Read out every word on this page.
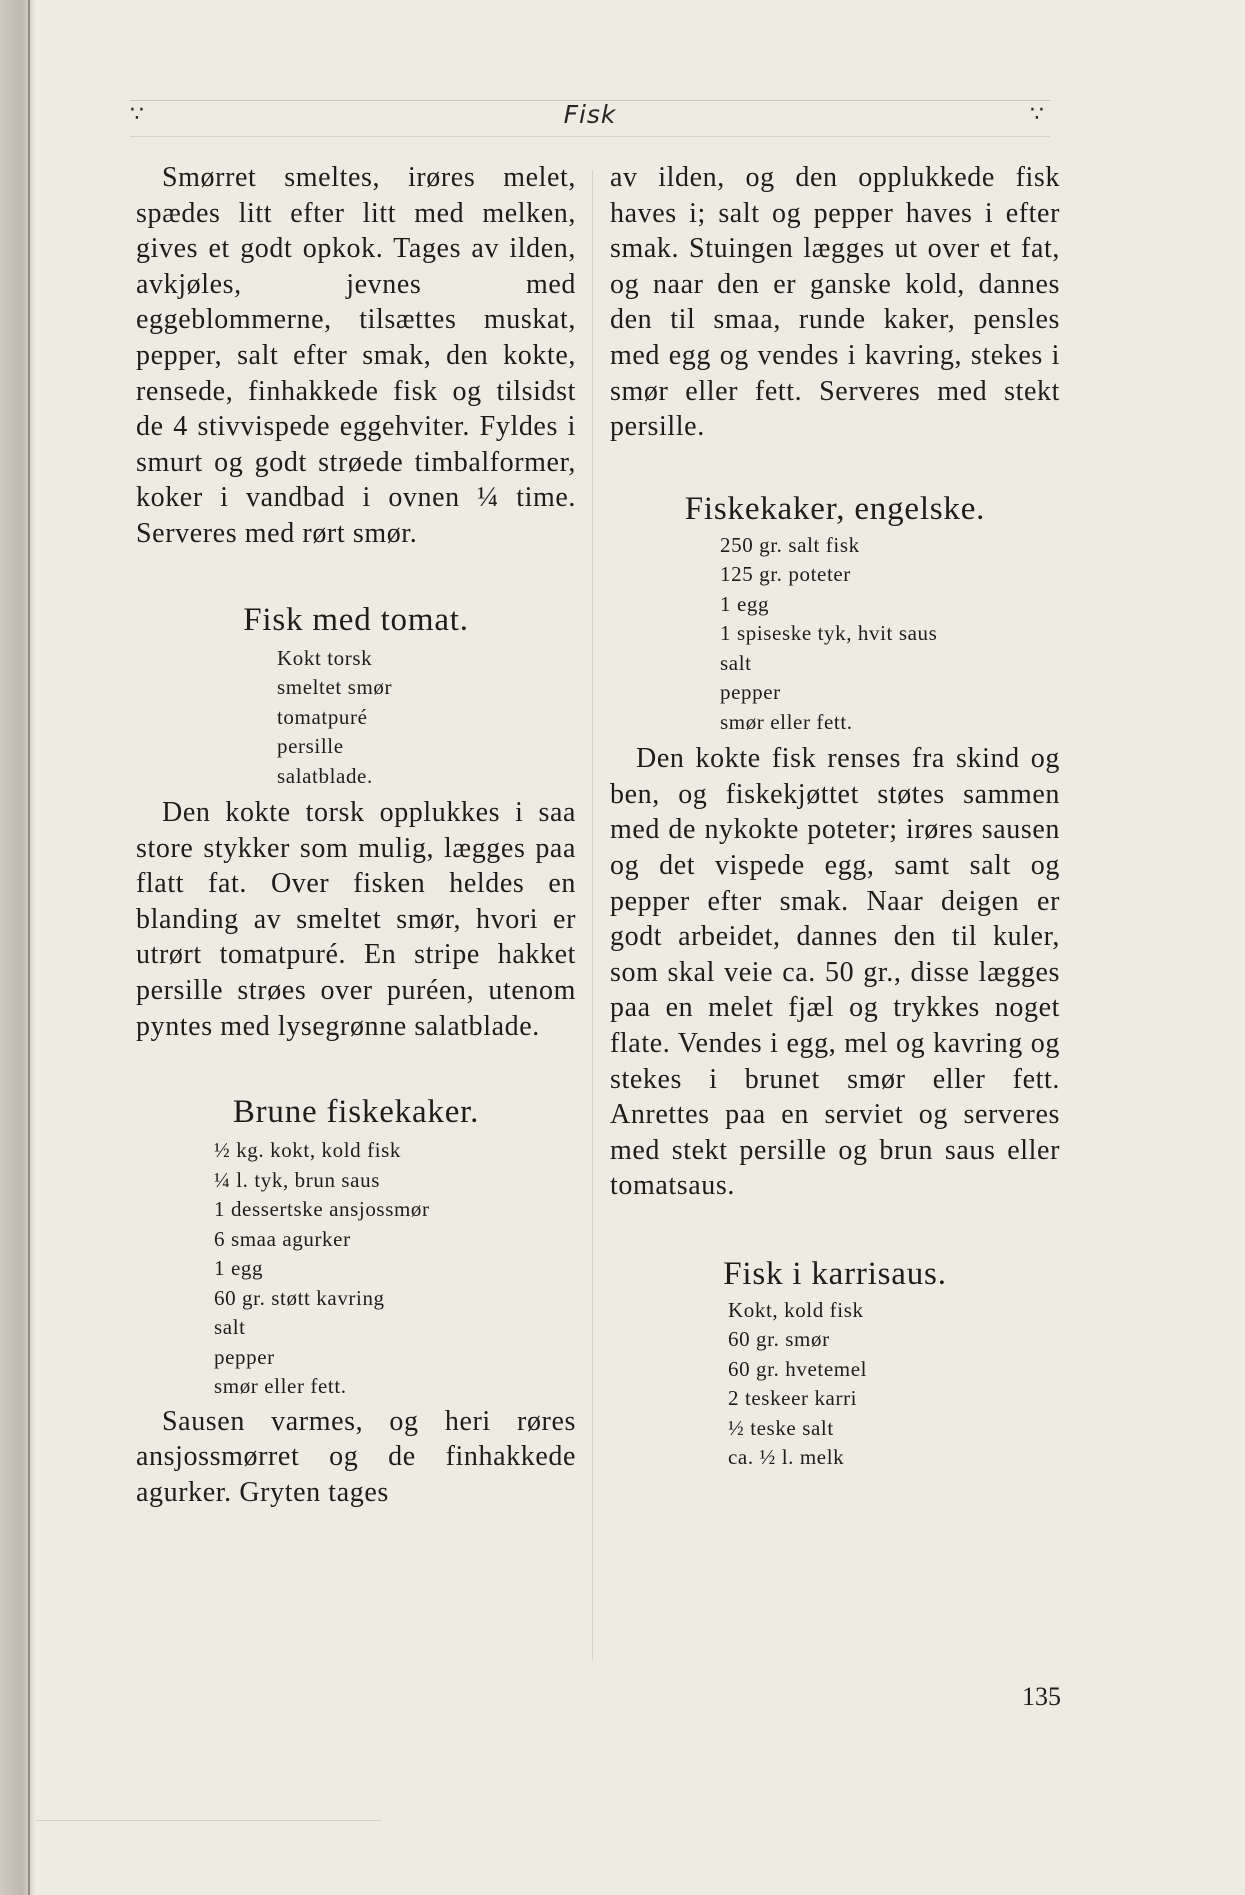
∵	Fisk	∵

Smørret smeltes, irøres melet, spædes litt efter litt med melken, gives et godt opkok. Tages av ilden, avkjøles, jevnes med eggeblommerne, tilsættes muskat, pepper, salt efter smak, den kokte, rensede, finhakkede fisk og tilsidst de 4 stivvispede eggehviter. Fyldes i smurt og godt strøede timbalformer, koker i vandbad i ovnen ¼ time. Serveres med rørt smør.

Fisk med tomat.
Kokt torsk
smeltet smør
tomatpuré
persille
salatblade.

Den kokte torsk opplukkes i saa store stykker som mulig, lægges paa flatt fat. Over fisken heldes en blanding av smeltet smør, hvori er utrørt tomatpuré. En stripe hakket persille strøes over puréen, utenom pyntes med lysegrønne salatblade.

Brune fiskekaker.
½ kg. kokt, kold fisk
¼ l. tyk, brun saus
1 dessertske ansjossmør
6 smaa agurker
1 egg
60 gr. støtt kavring
salt
pepper
smør eller fett.

Sausen varmes, og heri røres ansjossmørret og de finhakkede agurker. Gryten tages

av ilden, og den opplukkede fisk haves i; salt og pepper haves i efter smak. Stuingen lægges ut over et fat, og naar den er ganske kold, dannes den til smaa, runde kaker, pensles med egg og vendes i kavring, stekes i smør eller fett. Serveres med stekt persille.

Fiskekaker, engelske.
250 gr. salt fisk
125 gr. poteter
1 egg
1 spiseske tyk, hvit saus
salt
pepper
smør eller fett.

Den kokte fisk renses fra skind og ben, og fiskekjøttet støtes sammen med de nykokte poteter; irøres sausen og det vispede egg, samt salt og pepper efter smak. Naar deigen er godt arbeidet, dannes den til kuler, som skal veie ca. 50 gr., disse lægges paa en melet fjæl og trykkes noget flate. Vendes i egg, mel og kavring og stekes i brunet smør eller fett. Anrettes paa en serviet og serveres med stekt persille og brun saus eller tomatsaus.

Fisk i karrisaus.
Kokt, kold fisk
60 gr. smør
60 gr. hvetemel
2 teskeer karri
½ teske salt
ca. ½ l. melk
135
